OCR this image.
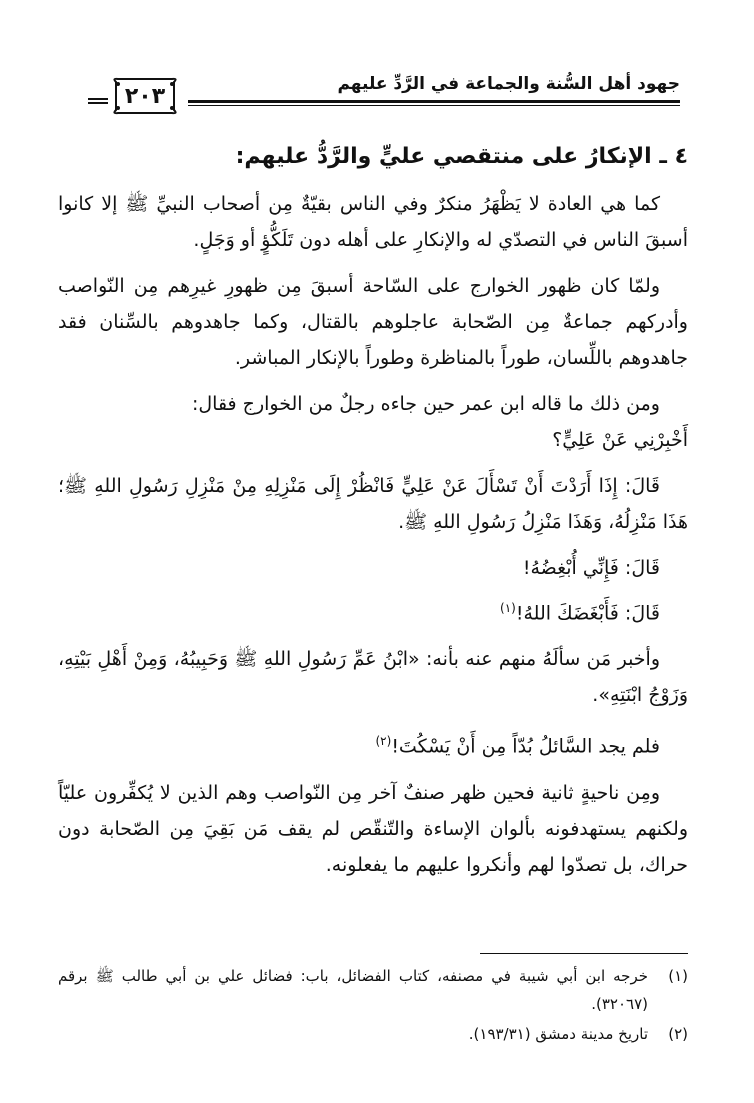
جهود أهل السُّنة والجماعة في الرَّدِّ عليهم
٢٠٣

٤ ـ الإنكارُ على منتقصي عليٍّ والرَّدُّ عليهم:

كما هي العادة لا يَظْهَرُ منكرٌ وفي الناس بقيّةٌ مِن أصحاب النبيِّ ﷺ إلا كانوا أسبقَ الناس في التصدّي له والإنكارِ على أهله دون تَلَكُّؤٍ أو وَجَلٍ.

ولمّا كان ظهور الخوارج على السّاحة أسبقَ مِن ظهورِ غيرِهم مِن النّواصب وأدركهم جماعةٌ مِن الصّحابة عاجلوهم بالقتال، وكما جاهدوهم بالسِّنان فقد جاهدوهم باللِّسان، طوراً بالمناظرة وطوراً بالإنكار المباشر.

ومن ذلك ما قاله ابن عمر حين جاءه رجلٌ من الخوارج فقال:

أَخْبِرْنِي عَنْ عَلِيٍّ؟

قَالَ: إِذَا أَرَدْتَ أَنْ تَسْأَلَ عَنْ عَلِيٍّ فَانْظُرْ إِلَى مَنْزِلِهِ مِنْ مَنْزِلِ رَسُولِ اللهِ ﷺ؛ هَذَا مَنْزِلُهُ، وَهَذَا مَنْزِلُ رَسُولِ اللهِ ﷺ.

قَالَ: فَإِنِّي أُبْغِضُهُ!

قَالَ: فَأَبْغَضَكَ اللهُ!$^{(١)}$

وأخبر مَن سألَهُ منهم عنه بأنه: «ابْنُ عَمِّ رَسُولِ اللهِ ﷺ وَحَبِيبُهُ، وَمِنْ أَهْلِ بَيْتِهِ، وَزَوْجُ ابْنَتِهِ».

فلم يجد السَّائلُ بُدّاً مِن أَنْ يَسْكُتَ!$^{(٢)}$

ومِن ناحيةٍ ثانية فحين ظهر صنفٌ آخر مِن النّواصب وهم الذين لا يُكفِّرون عليّاً ولكنهم يستهدفونه بألوان الإساءة والتّنقّص لم يقف مَن بَقِيَ مِن الصّحابة دون حراك، بل تصدّوا لهم وأنكروا عليهم ما يفعلونه.

(١)
خرجه ابن أبي شيبة في مصنفه، كتاب الفضائل، باب: فضائل علي بن أبي طالب ﷺ برقم (٣٢٠٦٧).
(٢)
تاريخ مدينة دمشق (١٩٣/٣١).
